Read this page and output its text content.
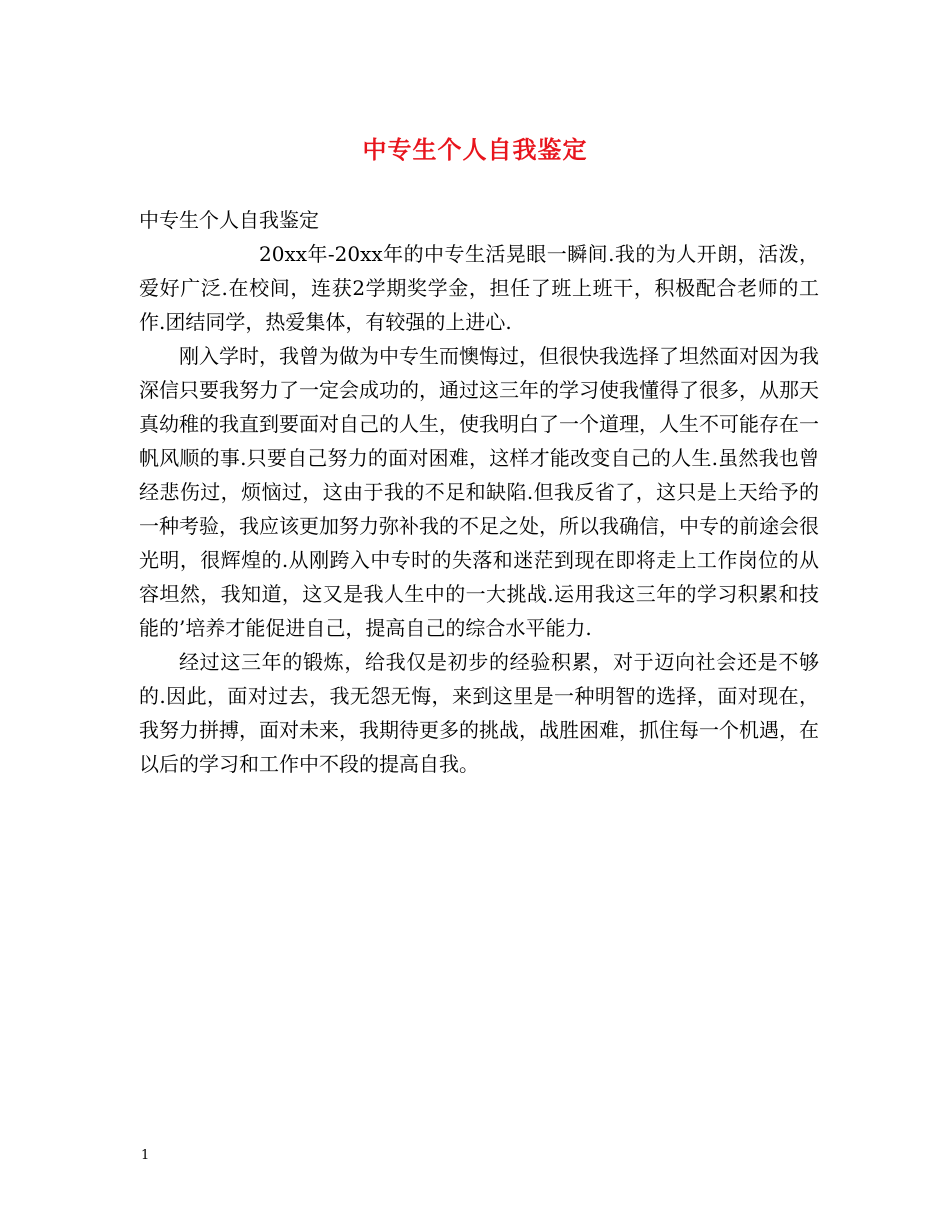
中专生个人自我鉴定

中专生个人自我鉴定

20xx年-20xx年的中专生活晃眼一瞬间.我的为人开朗，活泼，爱好广泛.在校间，连获2学期奖学金，担任了班上班干，积极配合老师的工作.团结同学，热爱集体，有较强的上进心.

刚入学时，我曾为做为中专生而懊悔过，但很快我选择了坦然面对因为我深信只要我努力了一定会成功的，通过这三年的学习使我懂得了很多，从那天真幼稚的我直到要面对自己的人生，使我明白了一个道理，人生不可能存在一帆风顺的事.只要自己努力的面对困难，这样才能改变自己的人生.虽然我也曾经悲伤过，烦恼过，这由于我的不足和缺陷.但我反省了，这只是上天给予的一种考验，我应该更加努力弥补我的不足之处，所以我确信，中专的前途会很光明，很辉煌的.从刚跨入中专时的失落和迷茫到现在即将走上工作岗位的从容坦然，我知道，这又是我人生中的一大挑战.运用我这三年的学习积累和技能的’培养才能促进自己，提高自己的综合水平能力.

经过这三年的锻炼，给我仅是初步的经验积累，对于迈向社会还是不够的.因此，面对过去，我无怨无悔，来到这里是一种明智的选择，面对现在，我努力拼搏，面对未来，我期待更多的挑战，战胜困难，抓住每一个机遇，在以后的学习和工作中不段的提高自我。

1
